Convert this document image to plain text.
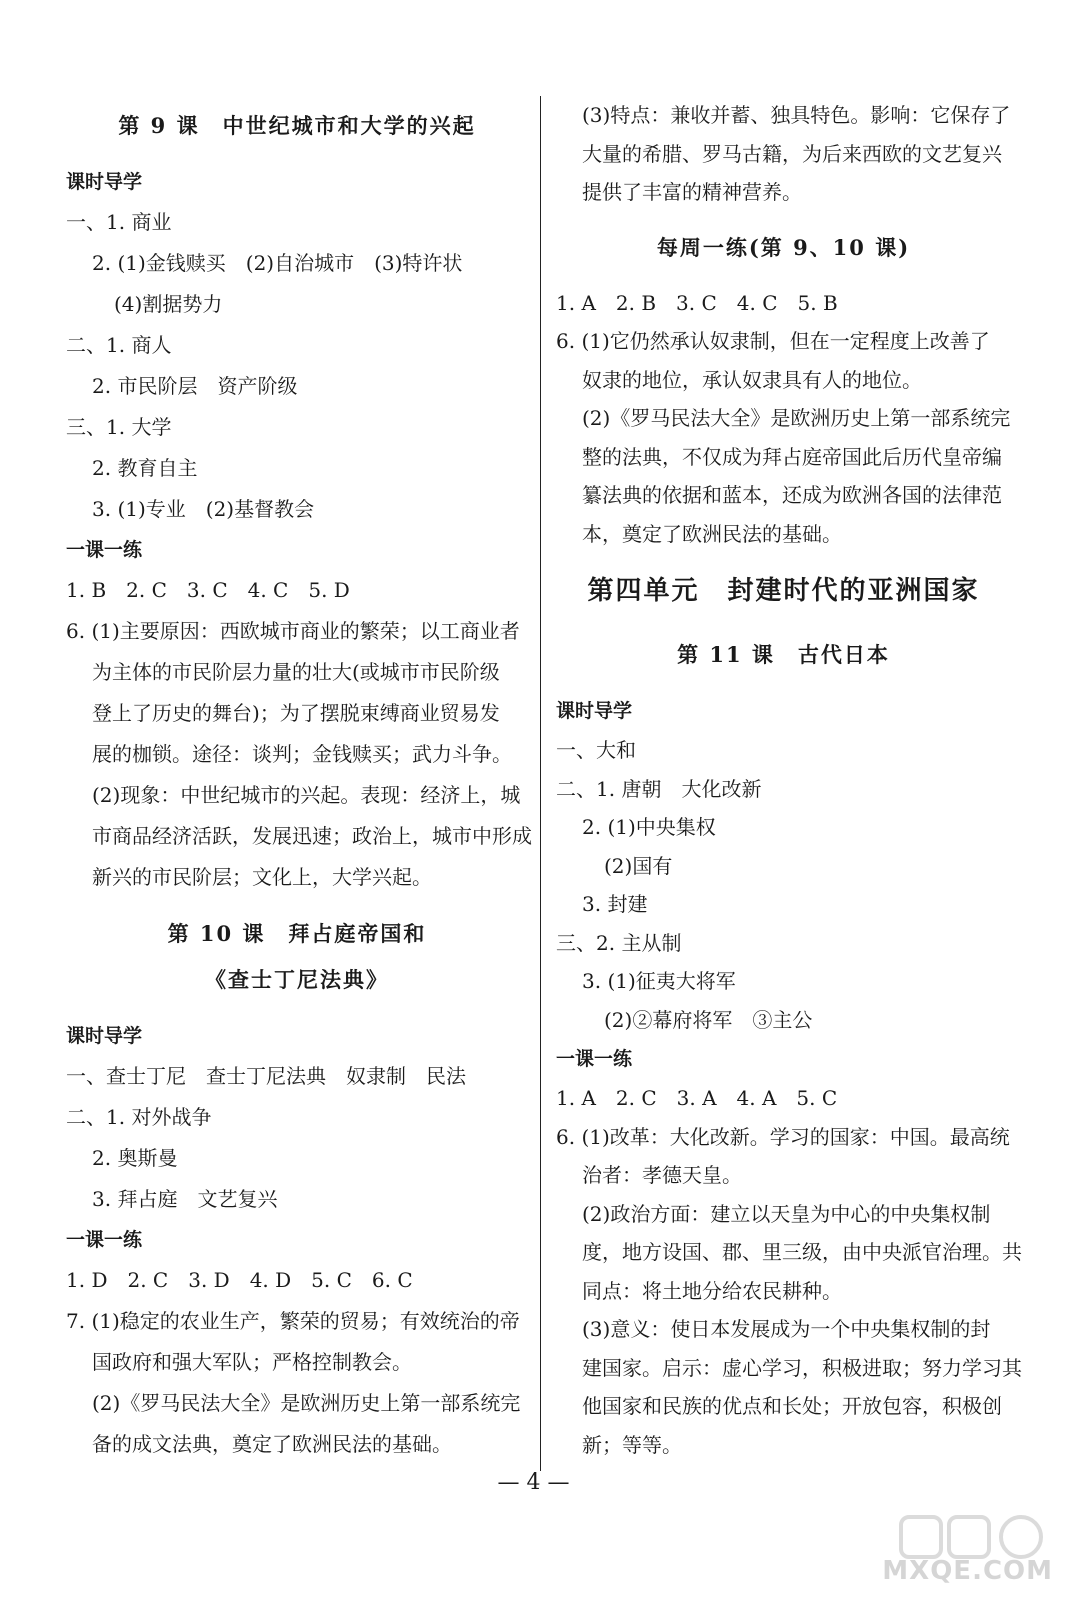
第 9 课　中世纪城市和大学的兴起
课时导学
一、1. 商业
2. (1)金钱赎买　(2)自治城市　(3)特许状
(4)割据势力
二、1. 商人
2. 市民阶层　资产阶级
三、1. 大学
2. 教育自主
3. (1)专业　(2)基督教会
一课一练
1. B　2. C　3. C　4. C　5. D
6. (1)主要原因：西欧城市商业的繁荣；以工商业者
为主体的市民阶层力量的壮大(或城市市民阶级
登上了历史的舞台)；为了摆脱束缚商业贸易发
展的枷锁。途径：谈判；金钱赎买；武力斗争。
(2)现象：中世纪城市的兴起。表现：经济上，城
市商品经济活跃，发展迅速；政治上，城市中形成
新兴的市民阶层；文化上，大学兴起。
第 10 课　拜占庭帝国和
《查士丁尼法典》
课时导学
一、查士丁尼　查士丁尼法典　奴隶制　民法
二、1. 对外战争
2. 奥斯曼
3. 拜占庭　文艺复兴
一课一练
1. D　2. C　3. D　4. D　5. C　6. C
7. (1)稳定的农业生产，繁荣的贸易；有效统治的帝
国政府和强大军队；严格控制教会。
(2)《罗马民法大全》是欧洲历史上第一部系统完
备的成文法典，奠定了欧洲民法的基础。
(3)特点：兼收并蓄、独具特色。影响：它保存了
大量的希腊、罗马古籍，为后来西欧的文艺复兴
提供了丰富的精神营养。
每周一练(第 9、10 课)
1. A　2. B　3. C　4. C　5. B
6. (1)它仍然承认奴隶制，但在一定程度上改善了
奴隶的地位，承认奴隶具有人的地位。
(2)《罗马民法大全》是欧洲历史上第一部系统完
整的法典，不仅成为拜占庭帝国此后历代皇帝编
纂法典的依据和蓝本，还成为欧洲各国的法律范
本，奠定了欧洲民法的基础。
第四单元　封建时代的亚洲国家
第 11 课　古代日本
课时导学
一、大和
二、1. 唐朝　大化改新
2. (1)中央集权
(2)国有
3. 封建
三、2. 主从制
3. (1)征夷大将军
(2)②幕府将军　③主公
一课一练
1. A　2. C　3. A　4. A　5. C
6. (1)改革：大化改新。学习的国家：中国。最高统
治者：孝德天皇。
(2)政治方面：建立以天皇为中心的中央集权制
度，地方设国、郡、里三级，由中央派官治理。共
同点：将土地分给农民耕种。
(3)意义：使日本发展成为一个中央集权制的封
建国家。启示：虚心学习，积极进取；努力学习其
他国家和民族的优点和长处；开放包容，积极创
新；等等。
— 4 —
MXQE.COM
